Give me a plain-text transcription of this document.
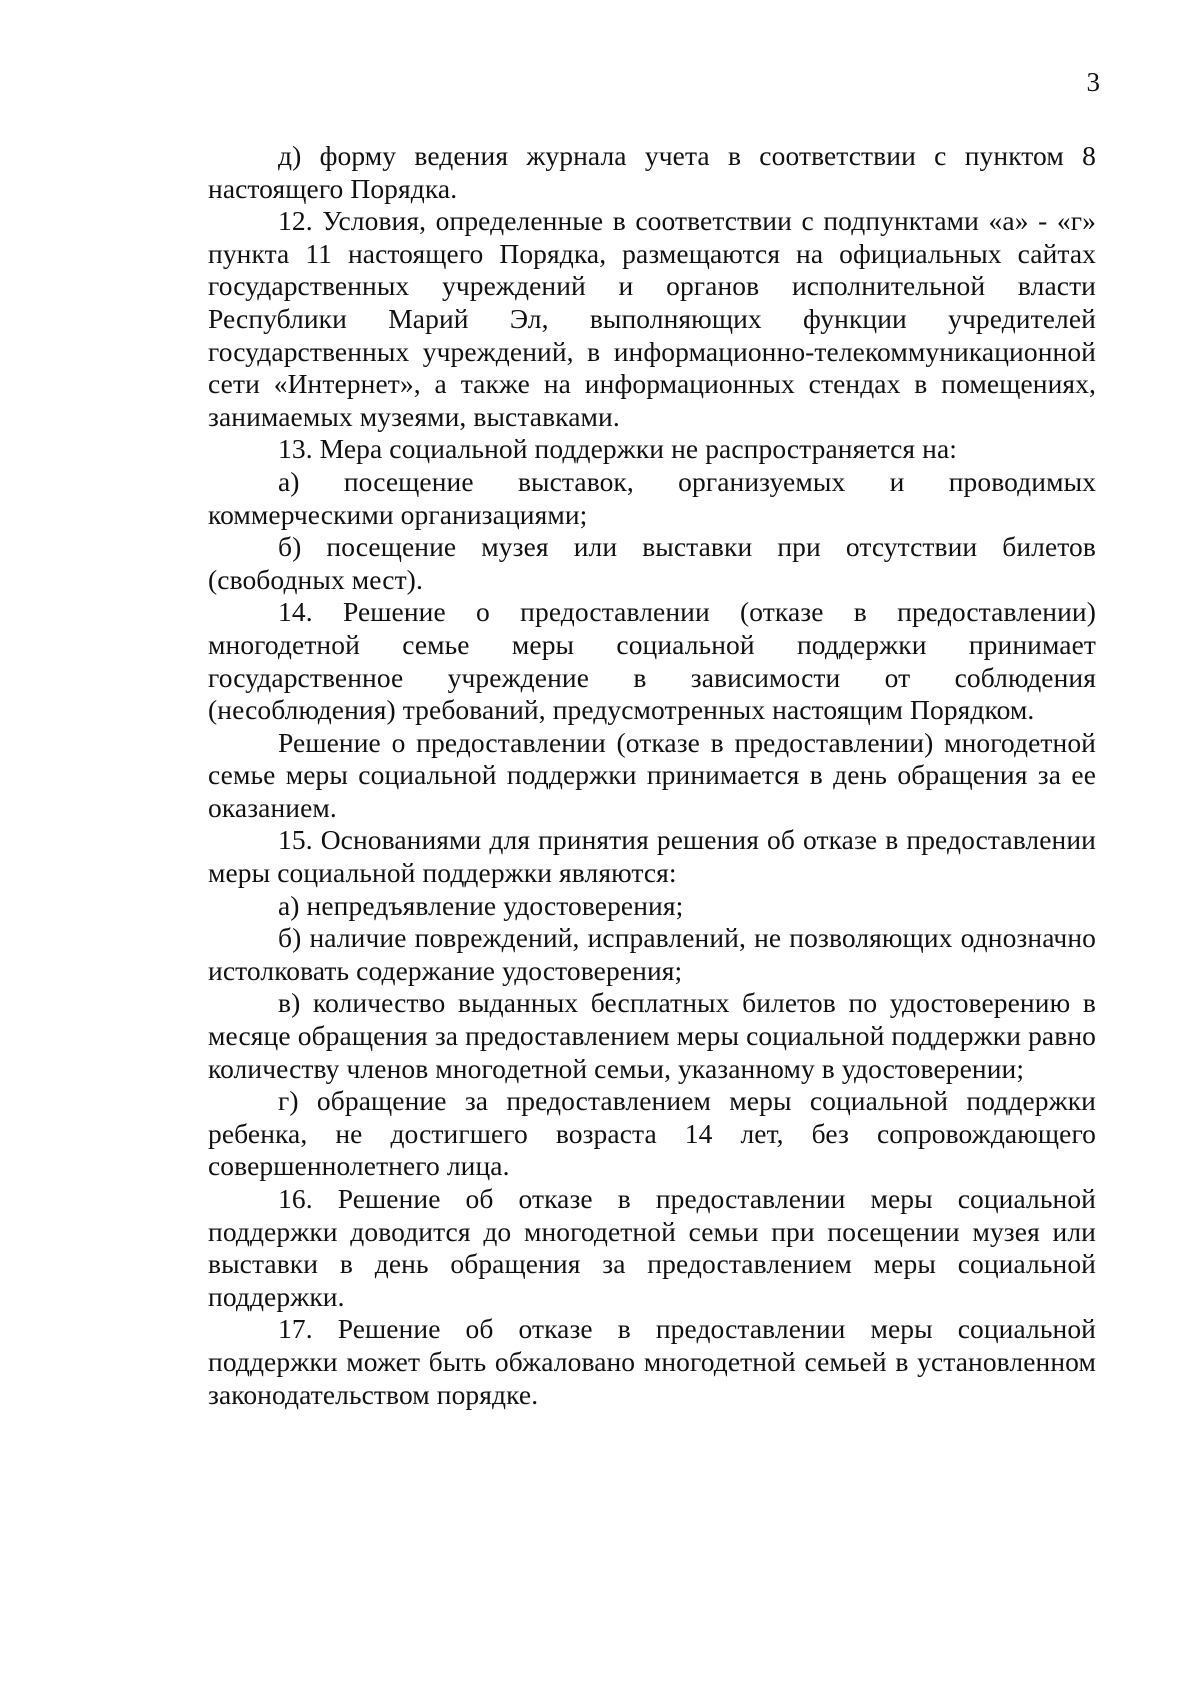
3

д) форму ведения журнала учета в соответствии с пунктом 8 настоящего Порядка.

12. Условия, определенные в соответствии с подпунктами «а» - «г» пункта 11 настоящего Порядка, размещаются на официальных сайтах государственных учреждений и органов исполнительной власти Республики Марий Эл, выполняющих функции учредителей государственных учреждений, в информационно-телекоммуникационной сети «Интернет», а также на информационных стендах в помещениях, занимаемых музеями, выставками.

13. Мера социальной поддержки не распространяется на:

а) посещение выставок, организуемых и проводимых коммерческими организациями;

б) посещение музея или выставки при отсутствии билетов (свободных мест).

14. Решение о предоставлении (отказе в предоставлении) многодетной семье меры социальной поддержки принимает государственное учреждение в зависимости от соблюдения (несоблюдения) требований, предусмотренных настоящим Порядком.

Решение о предоставлении (отказе в предоставлении) многодетной семье меры социальной поддержки принимается в день обращения за ее оказанием.

15. Основаниями для принятия решения об отказе в предоставлении меры социальной поддержки являются:

а) непредъявление удостоверения;

б) наличие повреждений, исправлений, не позволяющих однозначно истолковать содержание удостоверения;

в) количество выданных бесплатных билетов по удостоверению в месяце обращения за предоставлением меры социальной поддержки равно количеству членов многодетной семьи, указанному в удостоверении;

г) обращение за предоставлением меры социальной поддержки ребенка, не достигшего возраста 14 лет, без сопровождающего совершеннолетнего лица.

16. Решение об отказе в предоставлении меры социальной поддержки доводится до многодетной семьи при посещении музея или выставки в день обращения за предоставлением меры социальной поддержки.

17. Решение об отказе в предоставлении меры социальной поддержки может быть обжаловано многодетной семьей в установленном законодательством порядке.
